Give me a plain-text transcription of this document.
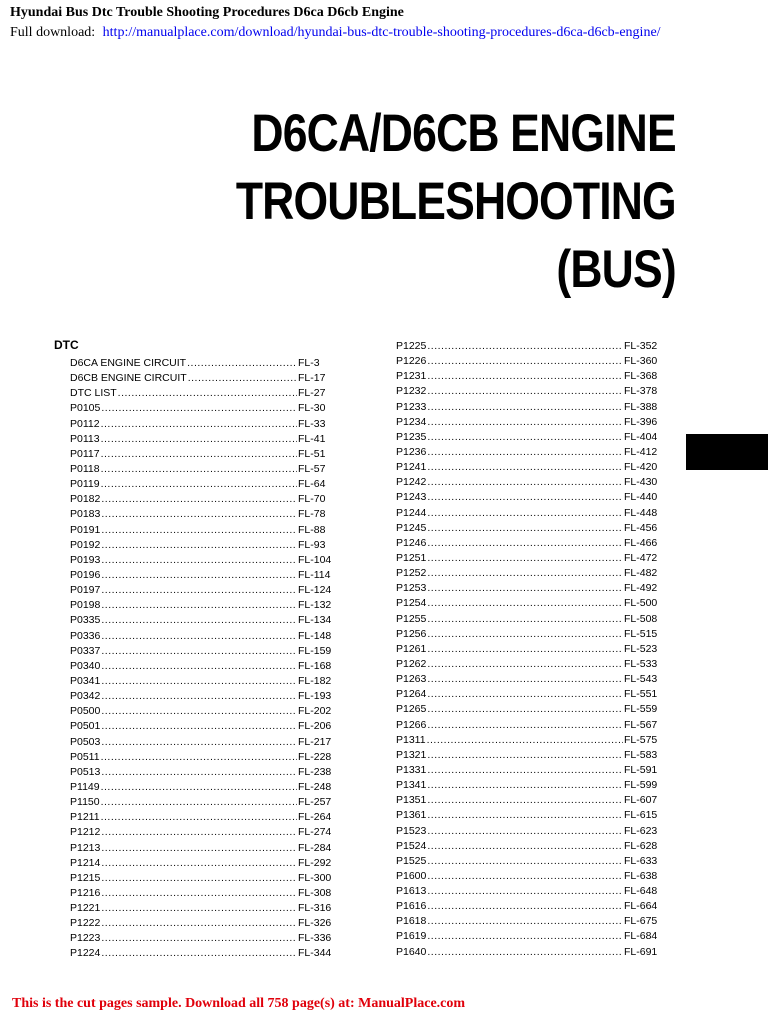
Hyundai Bus Dtc Trouble Shooting Procedures D6ca D6cb Engine
Full download: http://manualplace.com/download/hyundai-bus-dtc-trouble-shooting-procedures-d6ca-d6cb-engine/
D6CA/D6CB ENGINE
TROUBLESHOOTING
(BUS)
DTC
D6CA ENGINE CIRCUIT .....	FL-3
D6CB ENGINE CIRCUIT .....	FL-17
DTC LIST .....	FL-27
P0105 .....	FL-30
P0112 .....	FL-33
P0113 .....	FL-41
P0117 .....	FL-51
P0118 .....	FL-57
P0119 .....	FL-64
P0182 .....	FL-70
P0183 .....	FL-78
P0191 .....	FL-88
P0192 .....	FL-93
P0193 .....	FL-104
P0196 .....	FL-114
P0197 .....	FL-124
P0198 .....	FL-132
P0335 .....	FL-134
P0336 .....	FL-148
P0337 .....	FL-159
P0340 .....	FL-168
P0341 .....	FL-182
P0342 .....	FL-193
P0500 .....	FL-202
P0501 .....	FL-206
P0503 .....	FL-217
P0511 .....	FL-228
P0513 .....	FL-238
P1149 .....	FL-248
P1150 .....	FL-257
P1211 .....	FL-264
P1212 .....	FL-274
P1213 .....	FL-284
P1214 .....	FL-292
P1215 .....	FL-300
P1216 .....	FL-308
P1221 .....	FL-316
P1222 .....	FL-326
P1223 .....	FL-336
P1224 .....	FL-344
P1225 .....	FL-352
P1226 .....	FL-360
P1231 .....	FL-368
P1232 .....	FL-378
P1233 .....	FL-388
P1234 .....	FL-396
P1235 .....	FL-404
P1236 .....	FL-412
P1241 .....	FL-420
P1242 .....	FL-430
P1243 .....	FL-440
P1244 .....	FL-448
P1245 .....	FL-456
P1246 .....	FL-466
P1251 .....	FL-472
P1252 .....	FL-482
P1253 .....	FL-492
P1254 .....	FL-500
P1255 .....	FL-508
P1256 .....	FL-515
P1261 .....	FL-523
P1262 .....	FL-533
P1263 .....	FL-543
P1264 .....	FL-551
P1265 .....	FL-559
P1266 .....	FL-567
P1311 .....	FL-575
P1321 .....	FL-583
P1331 .....	FL-591
P1341 .....	FL-599
P1351 .....	FL-607
P1361 .....	FL-615
P1523 .....	FL-623
P1524 .....	FL-628
P1525 .....	FL-633
P1600 .....	FL-638
P1613 .....	FL-648
P1616 .....	FL-664
P1618 .....	FL-675
P1619 .....	FL-684
P1640 .....	FL-691
This is the cut pages sample. Download all 758 page(s) at: ManualPlace.com
